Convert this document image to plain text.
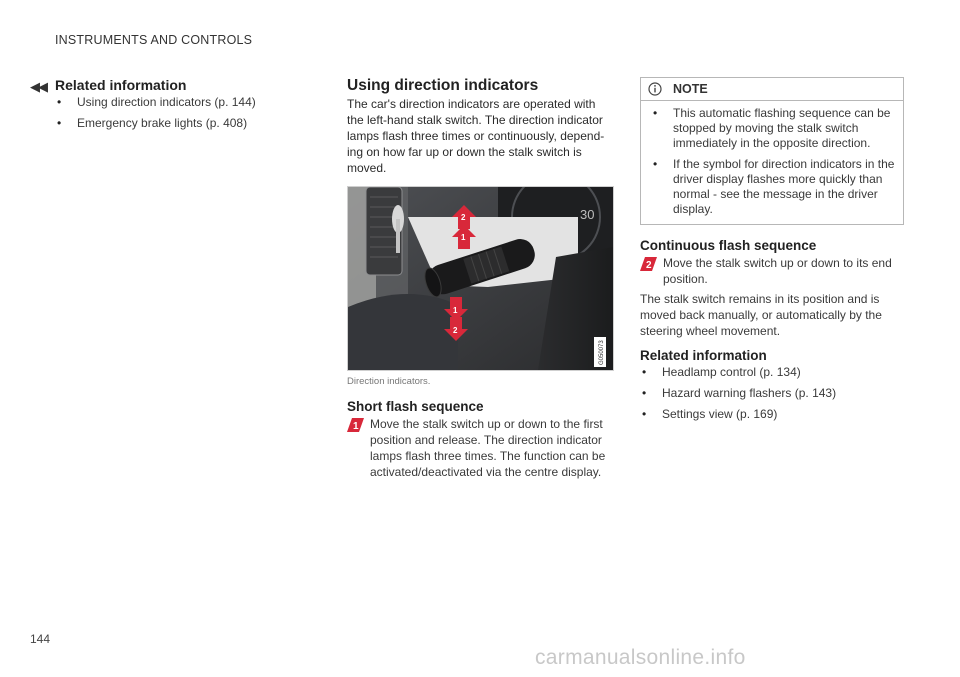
INSTRUMENTS AND CONTROLS
◀◀ Related information
• Using direction indicators (p. 144)
• Emergency brake lights (p. 408)
Using direction indicators

The car's direction indicators are operated with the left-hand stalk switch. The direction indicator lamps flash three times or continuously, depending on how far up or down the stalk switch is moved.

30
2
1
1
2
G050073
Direction indicators.
Short flash sequence
1 Move the stalk switch up or down to the first position and release. The direction indicator lamps flash three times. The function can be activated/deactivated via the centre display.
NOTE
• This automatic flashing sequence can be stopped by moving the stalk switch immediately in the opposite direction.
• If the symbol for direction indicators in the driver display flashes more quickly than normal - see the message in the driver display.
Continuous flash sequence
2 Move the stalk switch up or down to its end position.

The stalk switch remains in its position and is moved back manually, or automatically by the steering wheel movement.

Related information
• Headlamp control (p. 134)
• Hazard warning flashers (p. 143)
• Settings view (p. 169)
144
carmanualsonline.info
